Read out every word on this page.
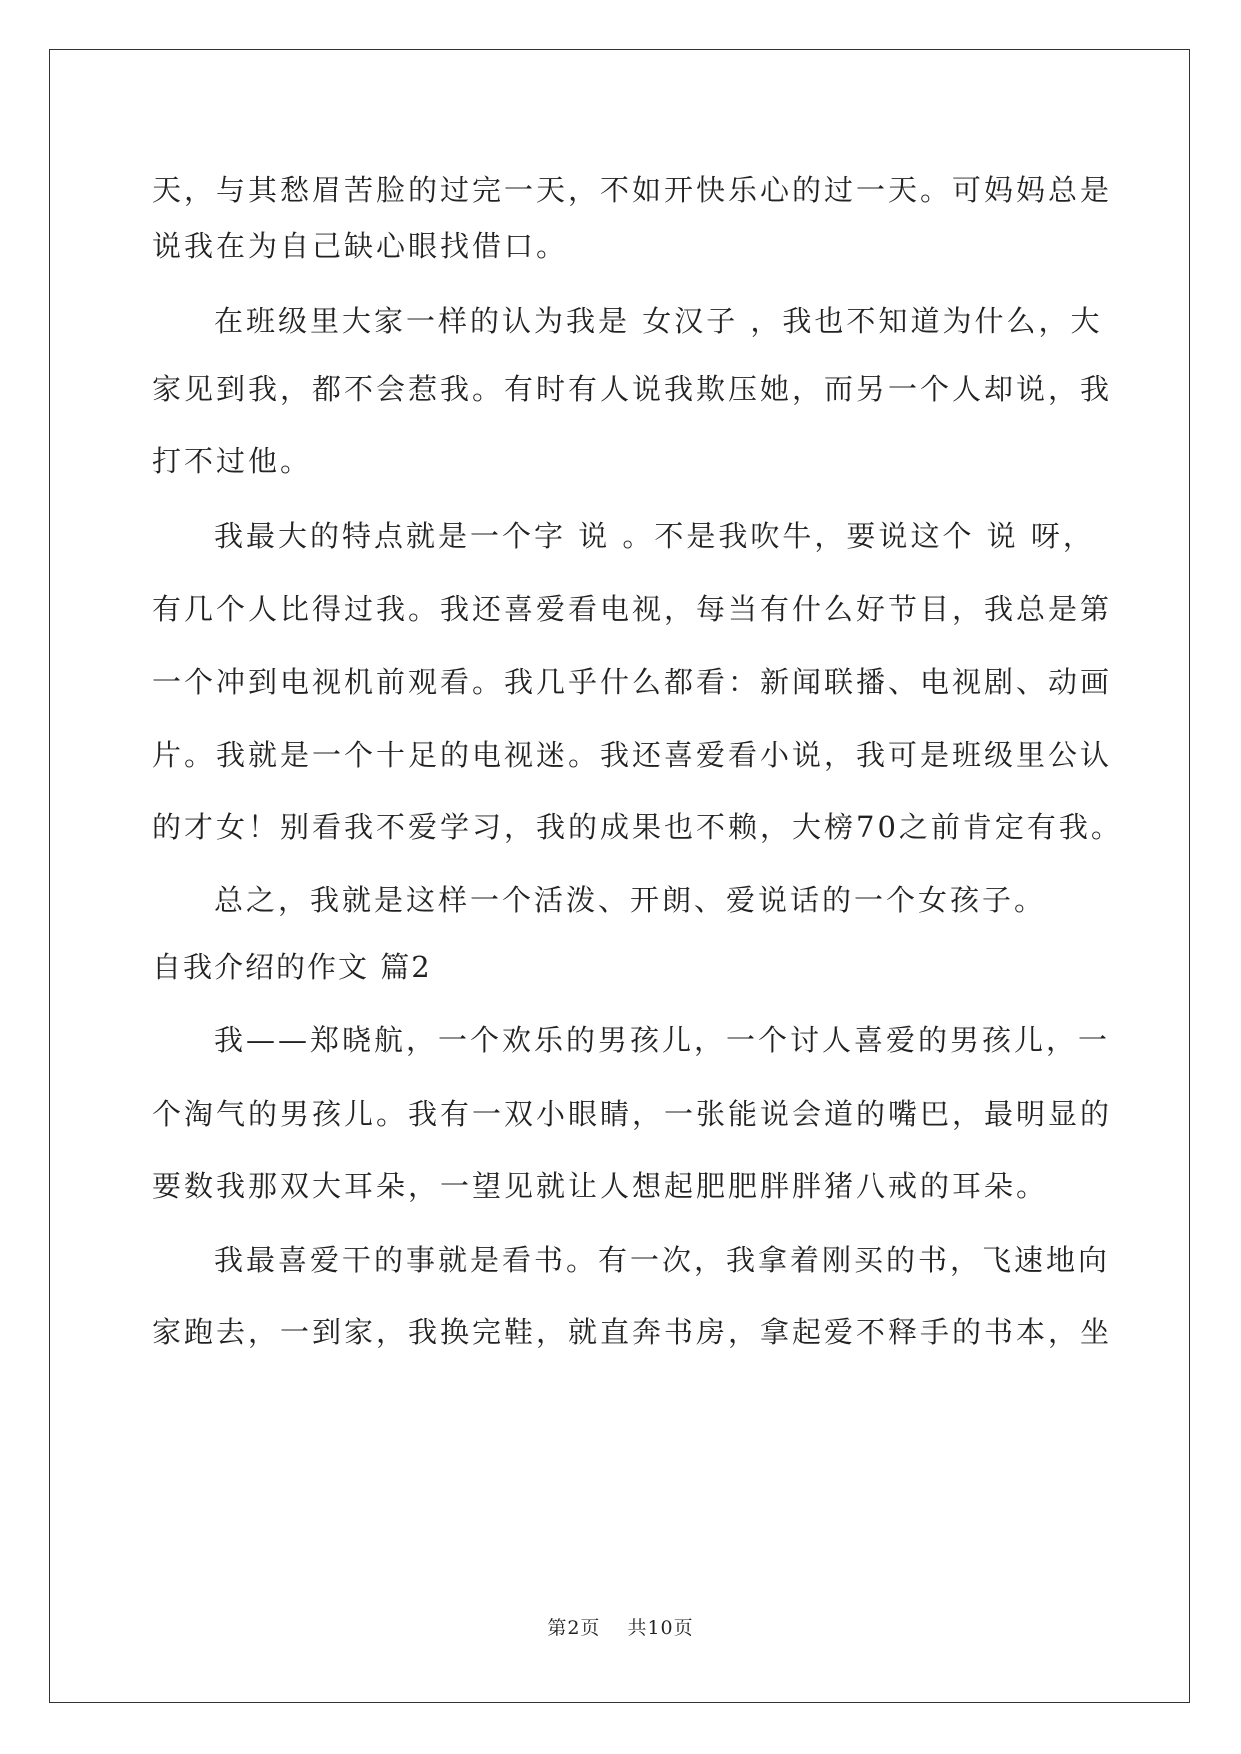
天，与其愁眉苦脸的过完一天，不如开快乐心的过一天。可妈妈总是
说我在为自己缺心眼找借口。
在班级里大家一样的认为我是 女汉子 ，我也不知道为什么，大
家见到我，都不会惹我。有时有人说我欺压她，而另一个人却说，我
打不过他。
我最大的特点就是一个字 说 。不是我吹牛，要说这个 说 呀，
有几个人比得过我。我还喜爱看电视，每当有什么好节目，我总是第
一个冲到电视机前观看。我几乎什么都看：新闻联播、电视剧、动画
片。我就是一个十足的电视迷。我还喜爱看小说，我可是班级里公认
的才女！别看我不爱学习，我的成果也不赖，大榜70之前肯定有我。
总之，我就是这样一个活泼、开朗、爱说话的一个女孩子。
自我介绍的作文 篇2
我——郑晓航，一个欢乐的男孩儿，一个讨人喜爱的男孩儿，一
个淘气的男孩儿。我有一双小眼睛，一张能说会道的嘴巴，最明显的
要数我那双大耳朵，一望见就让人想起肥肥胖胖猪八戒的耳朵。
我最喜爱干的事就是看书。有一次，我拿着刚买的书，飞速地向
家跑去，一到家，我换完鞋，就直奔书房，拿起爱不释手的书本，坐
第2页 共10页
